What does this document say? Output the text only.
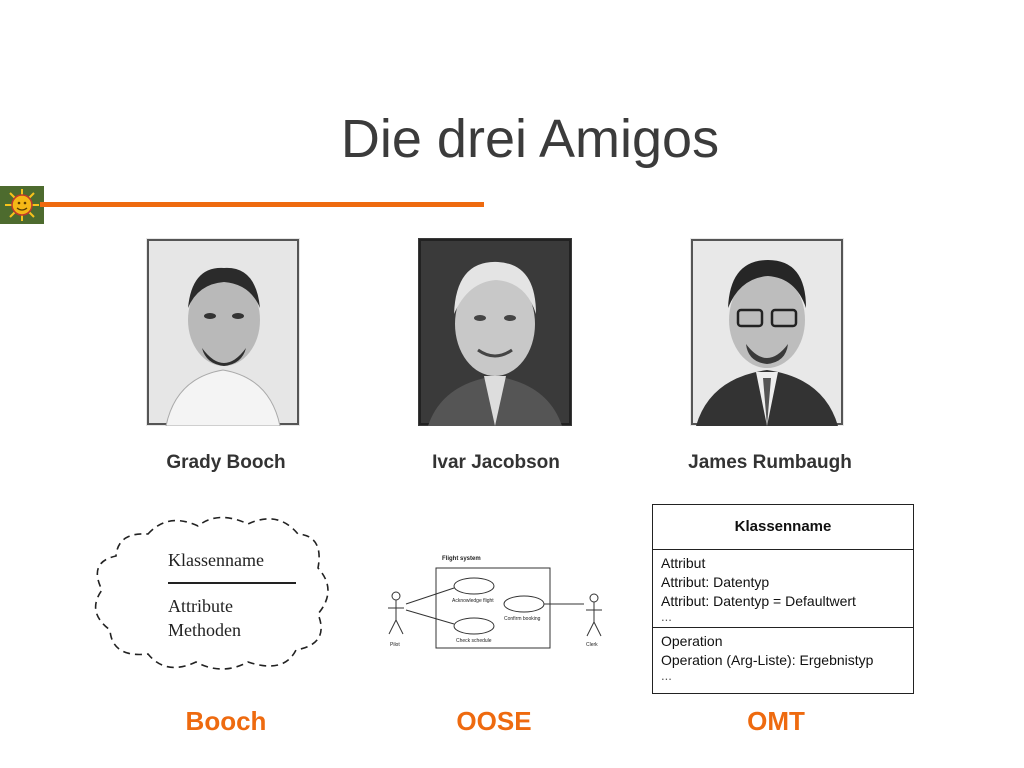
Die drei Amigos
Grady Booch	Ivar Jacobson	James Rumbaugh
Klassenname
Attribute
Methoden
Flight system
Acknowledge flight
Confirm booking
Check schedule
Pilot	Clerk
Klassenname
Attribut
Attribut: Datentyp
Attribut: Datentyp = Defaultwert
...
Operation
Operation (Arg-Liste): Ergebnistyp
...
Booch	OOSE	OMT
